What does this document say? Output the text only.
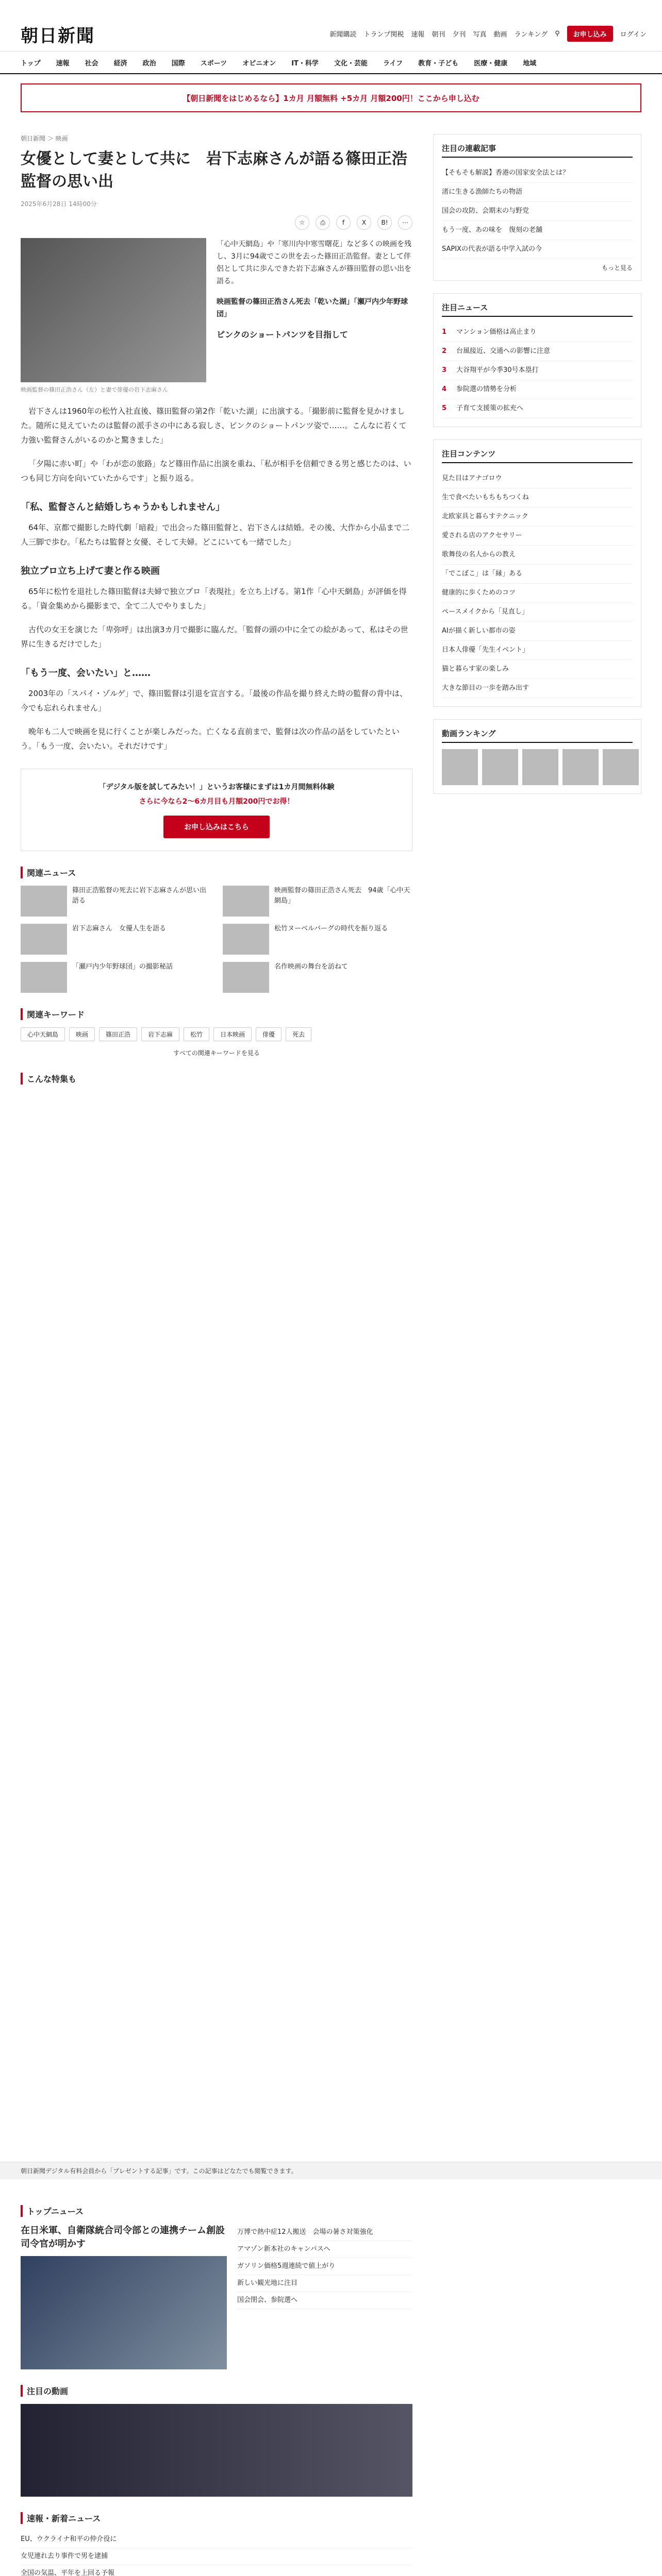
朝日新聞	新聞購読 トランプ関税 速報 朝刊 夕刊 写真 動画 ランキング ⚲	お申し込み	ログイン
トップ 速報 社会 経済 政治 国際 スポーツ オピニオン IT・科学 文化・芸能 ライフ 教育・子ども 医療・健康 地域
【朝日新聞をはじめるなら】1カ月 月額無料 +5カ月 月額200円！ここから申し込む
朝日新聞 ＞ 映画
女優として妻として共に　岩下志麻さんが語る篠田正浩監督の思い出
2025年6月28日 14時00分
☆	⎙	f	X	B!	⋯
映画監督の篠田正浩さん（左）と妻で俳優の岩下志麻さん

「心中天網島」や「寒川内中寒雪曙花」など多くの映画を残し、3月に94歳でこの世を去った篠田正浩監督。妻として伴侶として共に歩んできた岩下志麻さんが篠田監督の思い出を語る。

映画監督の篠田正浩さん死去「乾いた湖」「瀬戸内少年野球団」

ピンクのショートパンツを目指して

岩下さんは1960年の松竹入社直後、篠田監督の第2作「乾いた湖」に出演する。「撮影前に監督を見かけました。随所に見えていたのは監督の派手さの中にある寂しさ、ピンクのショートパンツ姿で……。こんなに若くて力強い監督さんがいるのかと驚きました」

「夕陽に赤い町」や「わが恋の旅路」など篠田作品に出演を重ね、「私が相手を信頼できる男と感じたのは、いつも同じ方向を向いていたからです」と振り返る。

「私、監督さんと結婚しちゃうかもしれません」

64年、京都で撮影した時代劇「暗殺」で出会った篠田監督と、岩下さんは結婚。その後、大作から小品まで二人三脚で歩む。「私たちは監督と女優、そして夫婦。どこにいても一緒でした」

独立プロ立ち上げて妻と作る映画

65年に松竹を退社した篠田監督は夫婦で独立プロ「表現社」を立ち上げる。第1作「心中天網島」が評価を得る。「資金集めから撮影まで、全て二人でやりました」

古代の女王を演じた「卑弥呼」は出演3カ月で撮影に臨んだ。「監督の頭の中に全ての絵があって、私はその世界に生きるだけでした」

「もう一度、会いたい」と……

2003年の「スパイ・ゾルゲ」で、篠田監督は引退を宣言する。「最後の作品を撮り終えた時の監督の背中は、今でも忘れられません」

晩年も二人で映画を見に行くことが楽しみだった。亡くなる直前まで、監督は次の作品の話をしていたという。「もう一度、会いたい。それだけです」

「デジタル版を試してみたい！」というお客様にまずは1カ月間無料体験
さらに今なら2～6カ月目も月額200円でお得！
お申し込みはこちら
関連ニュース
篠田正浩監督の死去に岩下志麻さんが思い出語る
映画監督の篠田正浩さん死去　94歳「心中天網島」
岩下志麻さん　女優人生を語る	松竹ヌーベルバーグの時代を振り返る
「瀬戸内少年野球団」の撮影秘話	名作映画の舞台を訪ねて
関連キーワード
心中天網島	映画	篠田正浩	岩下志麻	松竹	日本映画	俳優	死去
すべての関連キーワードを見る
こんな特集も
注目の連載記事
【そもそも解説】香港の国家安全法とは？
渚に生きる漁師たちの物語
国会の攻防、会期末の与野党
もう一度、あの味を　復刻の老舗
SAPIXの代表が語る中学入試の今
もっと見る
注目ニュース
1	マンション価格は高止まり
2	台風接近、交通への影響に注意
3	大谷翔平が今季30号本塁打
4	参院選の情勢を分析
5	子育て支援策の拡充へ
注目コンテンツ
見た目はアナゴロウ
生で食べたいもちもちつくね
北欧家具と暮らすテクニック
愛される店のアクセサリー
歌舞伎の名人からの教え
「でこぼこ」は「縁」ある
健康的に歩くためのコツ
ペースメイクから「見直し」
AIが描く新しい都市の姿
日本人俳優「先生イベント」
猫と暮らす家の楽しみ
大きな節目の一歩を踏み出す
動画ランキング
朝日新聞デジタル有料会員から「プレゼントする記事」です。この記事はどなたでも閲覧できます。
トップニュース
在日米軍、自衛隊統合司令部との連携チーム創設　司令官が明かす
万博で熱中症12人搬送　会場の暑さ対策強化
アマゾン新本社のキャンパスへ
ガソリン価格5週連続で値上がり
新しい観光地に注目
国会閉会、参院選へ
注目の動画
速報・新着ニュース
EU、ウクライナ和平の仲介役に
女児連れ去り事件で男を逮捕
全国の気温、平年を上回る予報
